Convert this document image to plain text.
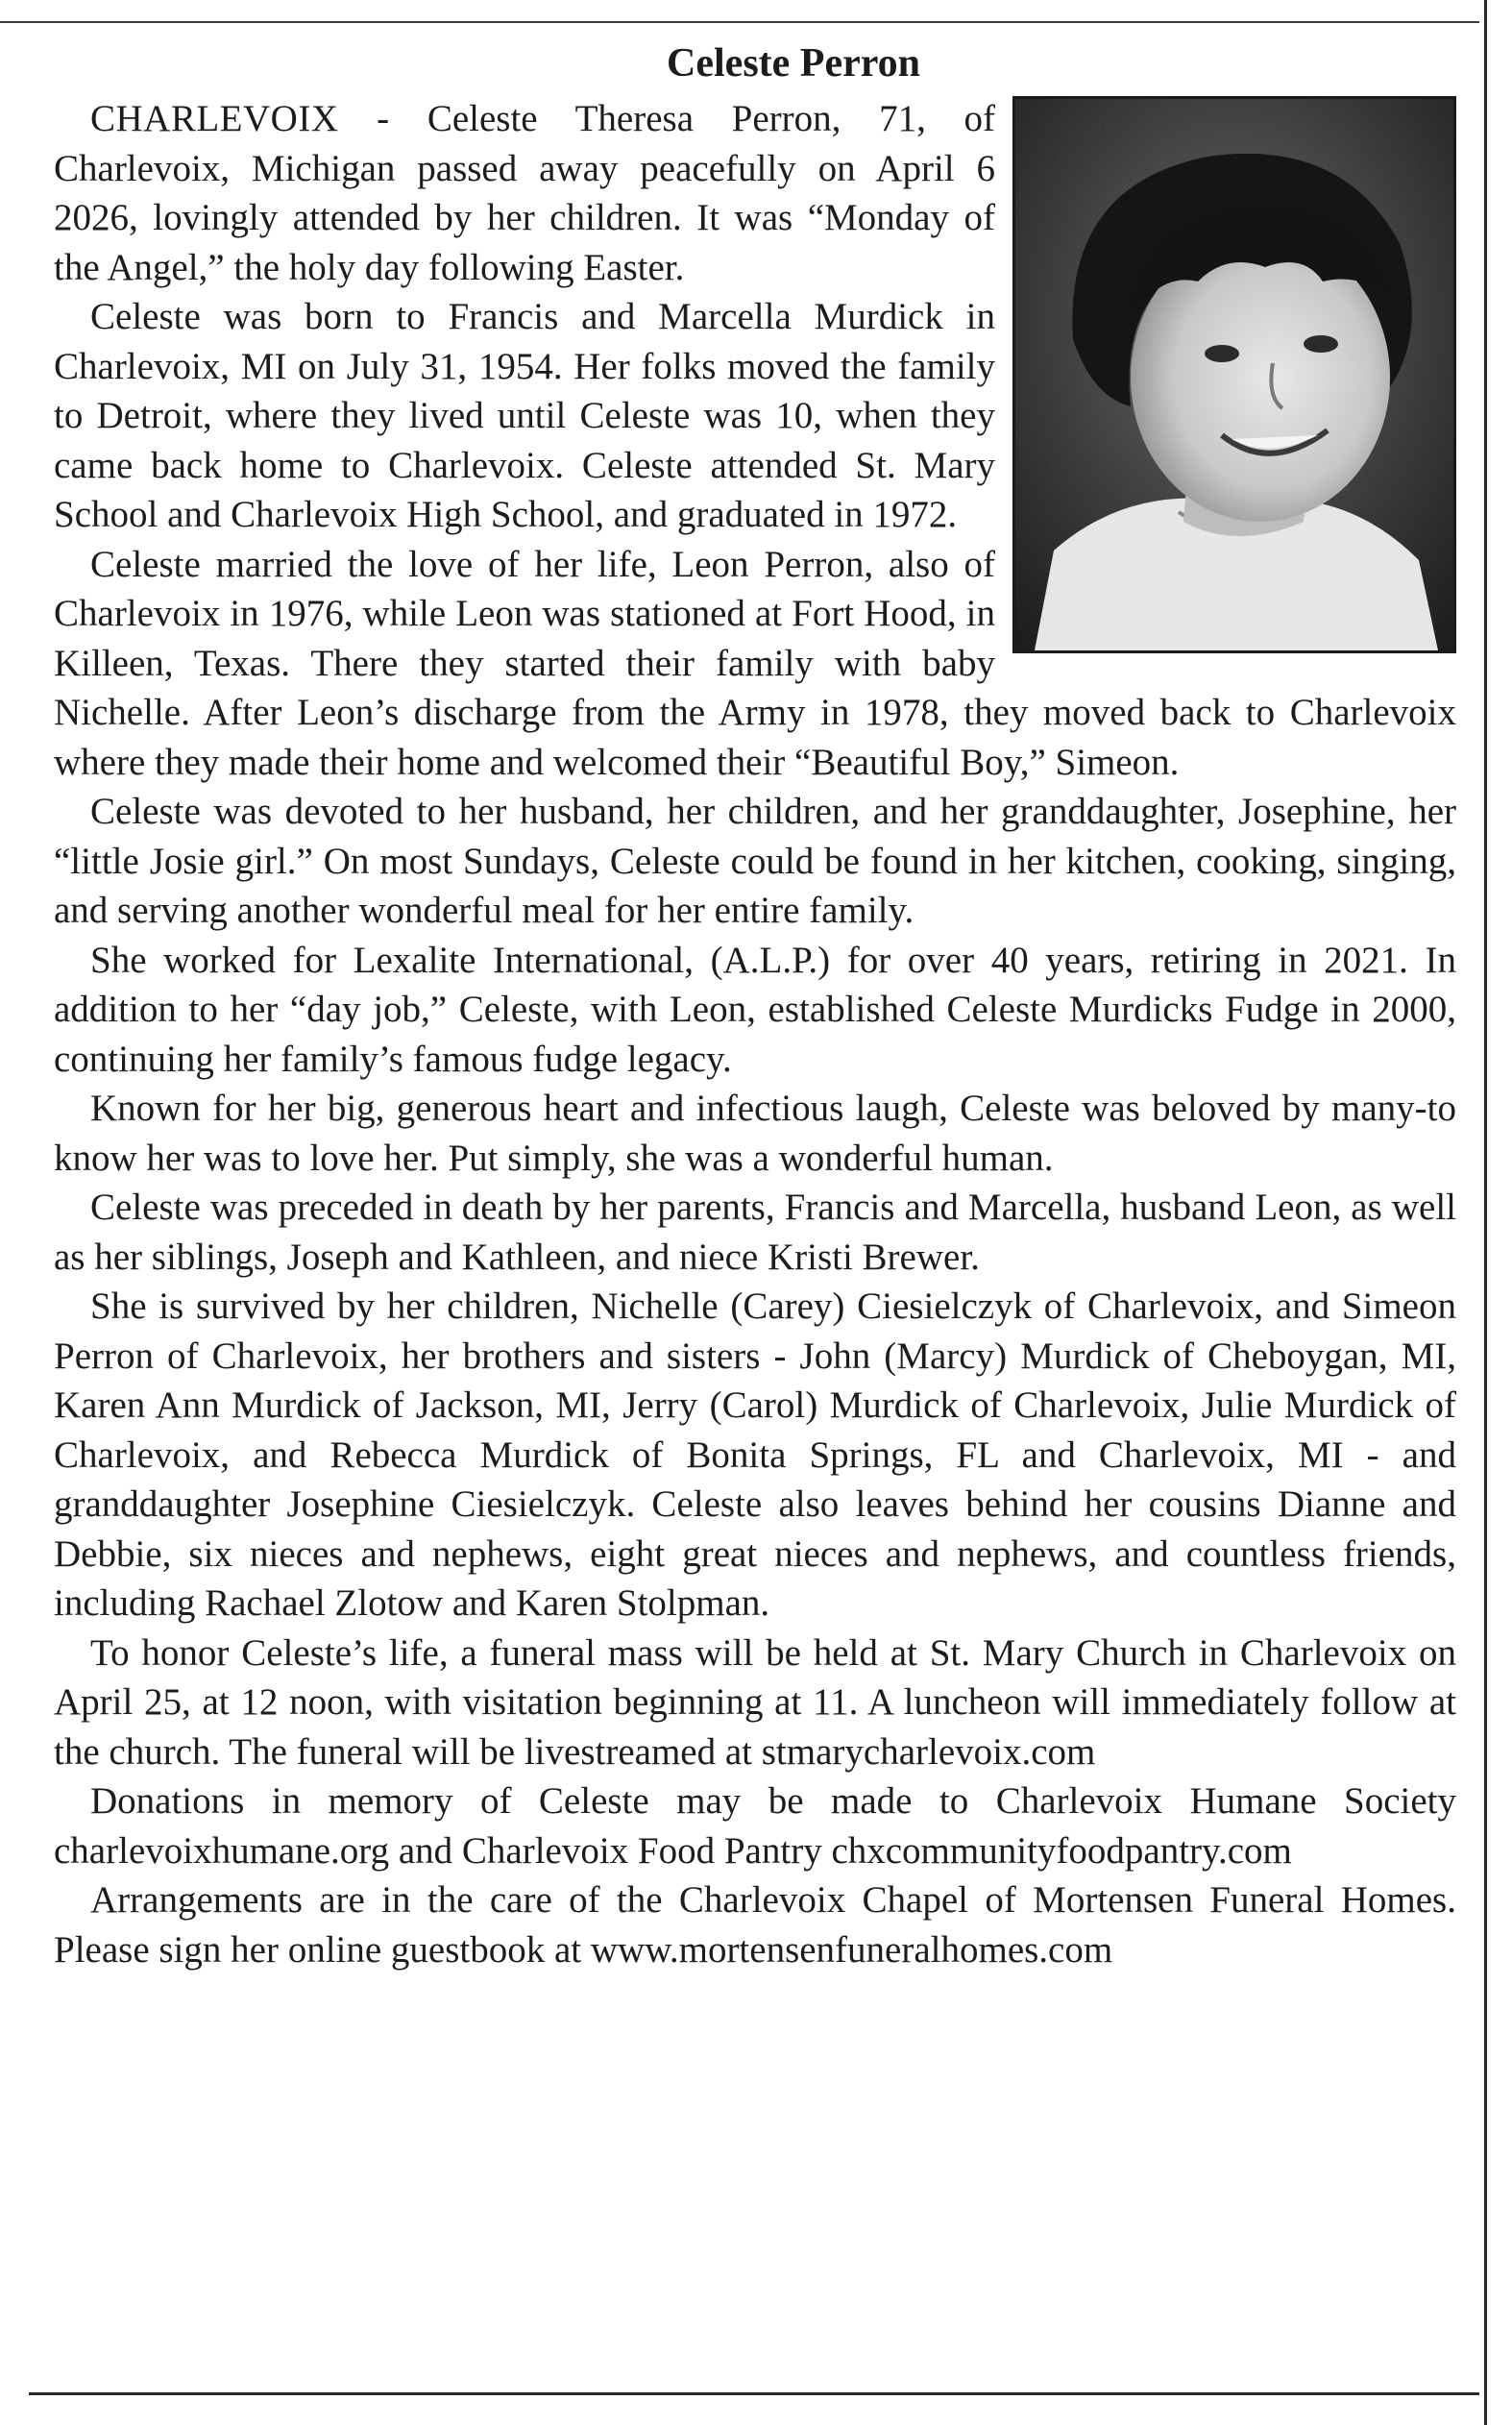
Celeste Perron

CHARLEVOIX - Celeste Theresa Perron, 71, of Charlevoix, Michigan passed away peacefully on April 6 2026, lovingly attended by her children. It was “Monday of the Angel,” the holy day following Easter.

Celeste was born to Francis and Marcella Murdick in Charlevoix, MI on July 31, 1954. Her folks moved the family to Detroit, where they lived until Celeste was 10, when they came back home to Charlevoix. Celeste attended St. Mary School and Charlevoix High School, and graduated in 1972.

Celeste married the love of her life, Leon Perron, also of Charlevoix in 1976, while Leon was stationed at Fort Hood, in Killeen, Texas. There they started their family with baby Nichelle. After Leon’s discharge from the Army in 1978, they moved back to Charlevoix where they made their home and welcomed their “Beautiful Boy,” Simeon.

Celeste was devoted to her husband, her children, and her granddaughter, Josephine, her “little Josie girl.” On most Sundays, Celeste could be found in her kitchen, cooking, singing, and serving another wonderful meal for her entire family.

She worked for Lexalite International, (A.L.P.) for over 40 years, retiring in 2021. In addition to her “day job,” Celeste, with Leon, established Celeste Murdicks Fudge in 2000, continuing her family’s famous fudge legacy.

Known for her big, generous heart and infectious laugh, Celeste was beloved by many-to know her was to love her. Put simply, she was a wonderful human.

Celeste was preceded in death by her parents, Francis and Marcella, husband Leon, as well as her siblings, Joseph and Kathleen, and niece Kristi Brewer.

She is survived by her children, Nichelle (Carey) Ciesielczyk of Charlevoix, and Simeon Perron of Charlevoix, her brothers and sisters - John (Marcy) Murdick of Cheboygan, MI, Karen Ann Murdick of Jackson, MI, Jerry (Carol) Murdick of Charlevoix, Julie Murdick of Charlevoix, and Rebecca Murdick of Bonita Springs, FL and Charlevoix, MI - and granddaughter Josephine Ciesielczyk. Celeste also leaves behind her cousins Dianne and Debbie, six nieces and nephews, eight great nieces and nephews, and countless friends, including Rachael Zlotow and Karen Stolpman.

To honor Celeste’s life, a funeral mass will be held at St. Mary Church in Charlevoix on April 25, at 12 noon, with visitation beginning at 11. A luncheon will immediately follow at the church. The funeral will be livestreamed at stmarycharlevoix.com

Donations in memory of Celeste may be made to Charlevoix Humane Society charlevoixhumane.org and Charlevoix Food Pantry chxcommunityfoodpantry.com

Arrangements are in the care of the Charlevoix Chapel of Mortensen Funeral Homes. Please sign her online guestbook at www.mortensenfuneralhomes.com
